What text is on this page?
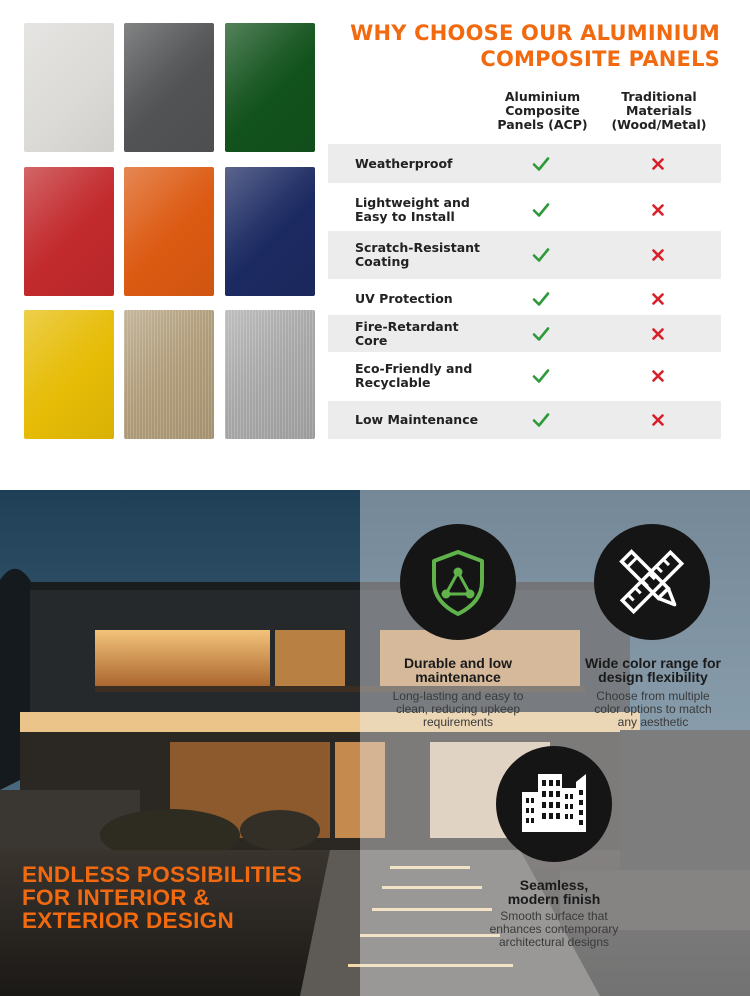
WHY CHOOSE OUR ALUMINIUM
COMPOSITE PANELS
Aluminium
Composite
Panels (ACP)
Traditional
Materials
(Wood/Metal)
Weatherproof
Lightweight and
Easy to Install
Scratch-Resistant
Coating
UV Protection
Fire-Retardant Core
Eco-Friendly and
Recyclable
Low Maintenance
ENDLESS POSSIBILITIES
FOR INTERIOR &
EXTERIOR DESIGN
Durable and low
maintenance
Long-lasting and easy to
clean, reducing upkeep
requirements
Wide color range for
design flexibility
Choose from multiple
color options to match
any aesthetic
Seamless,
modern finish
Smooth surface that
enhances contemporary
architectural designs
